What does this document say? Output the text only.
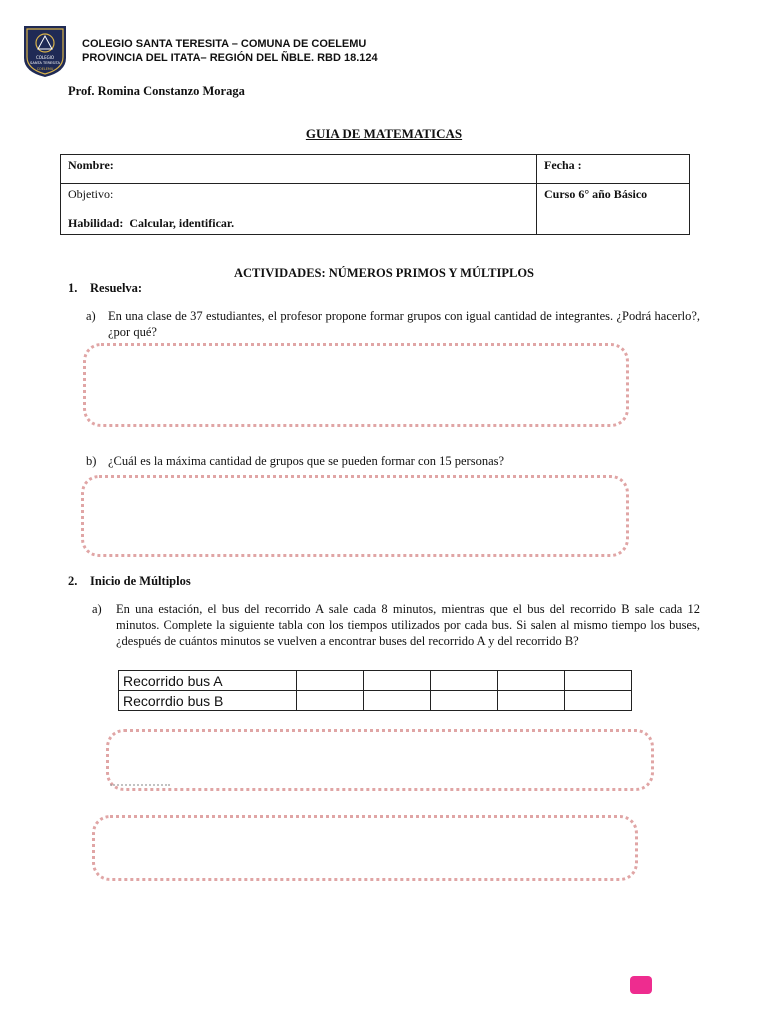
COLEGIO
SANTA TERESITA
COELEMU
COLEGIO SANTA TERESITA – COMUNA DE COELEMU
PROVINCIA DEL ITATA– REGIÓN DEL ÑBLE. RBD 18.124
Prof. Romina Constanzo Moraga
GUIA DE MATEMATICAS
Nombre:	Fecha :

Objetivo:
Habilidad: Calcular, identificar.	Curso 6° año Básico
ACTIVIDADES: NÚMEROS PRIMOS Y MÚLTIPLOS
1. Resuelva:
a) En una clase de 37 estudiantes, el profesor propone formar grupos con igual cantidad de integrantes. ¿Podrá hacerlo?, ¿por qué?
b) ¿Cuál es la máxima cantidad de grupos que se pueden formar con 15 personas?
2. Inicio de Múltiplos
a)	En una estación, el bus del recorrido A sale cada 8 minutos, mientras que el bus del recorrido B sale cada 12 minutos. Complete la siguiente tabla con los tiempos utilizados por cada bus. Si salen al mismo tiempo los buses, ¿después de cuántos minutos se vuelven a encontrar buses del recorrido A y del recorrido B?
Recorrido bus A					
Recorrdio bus B					
